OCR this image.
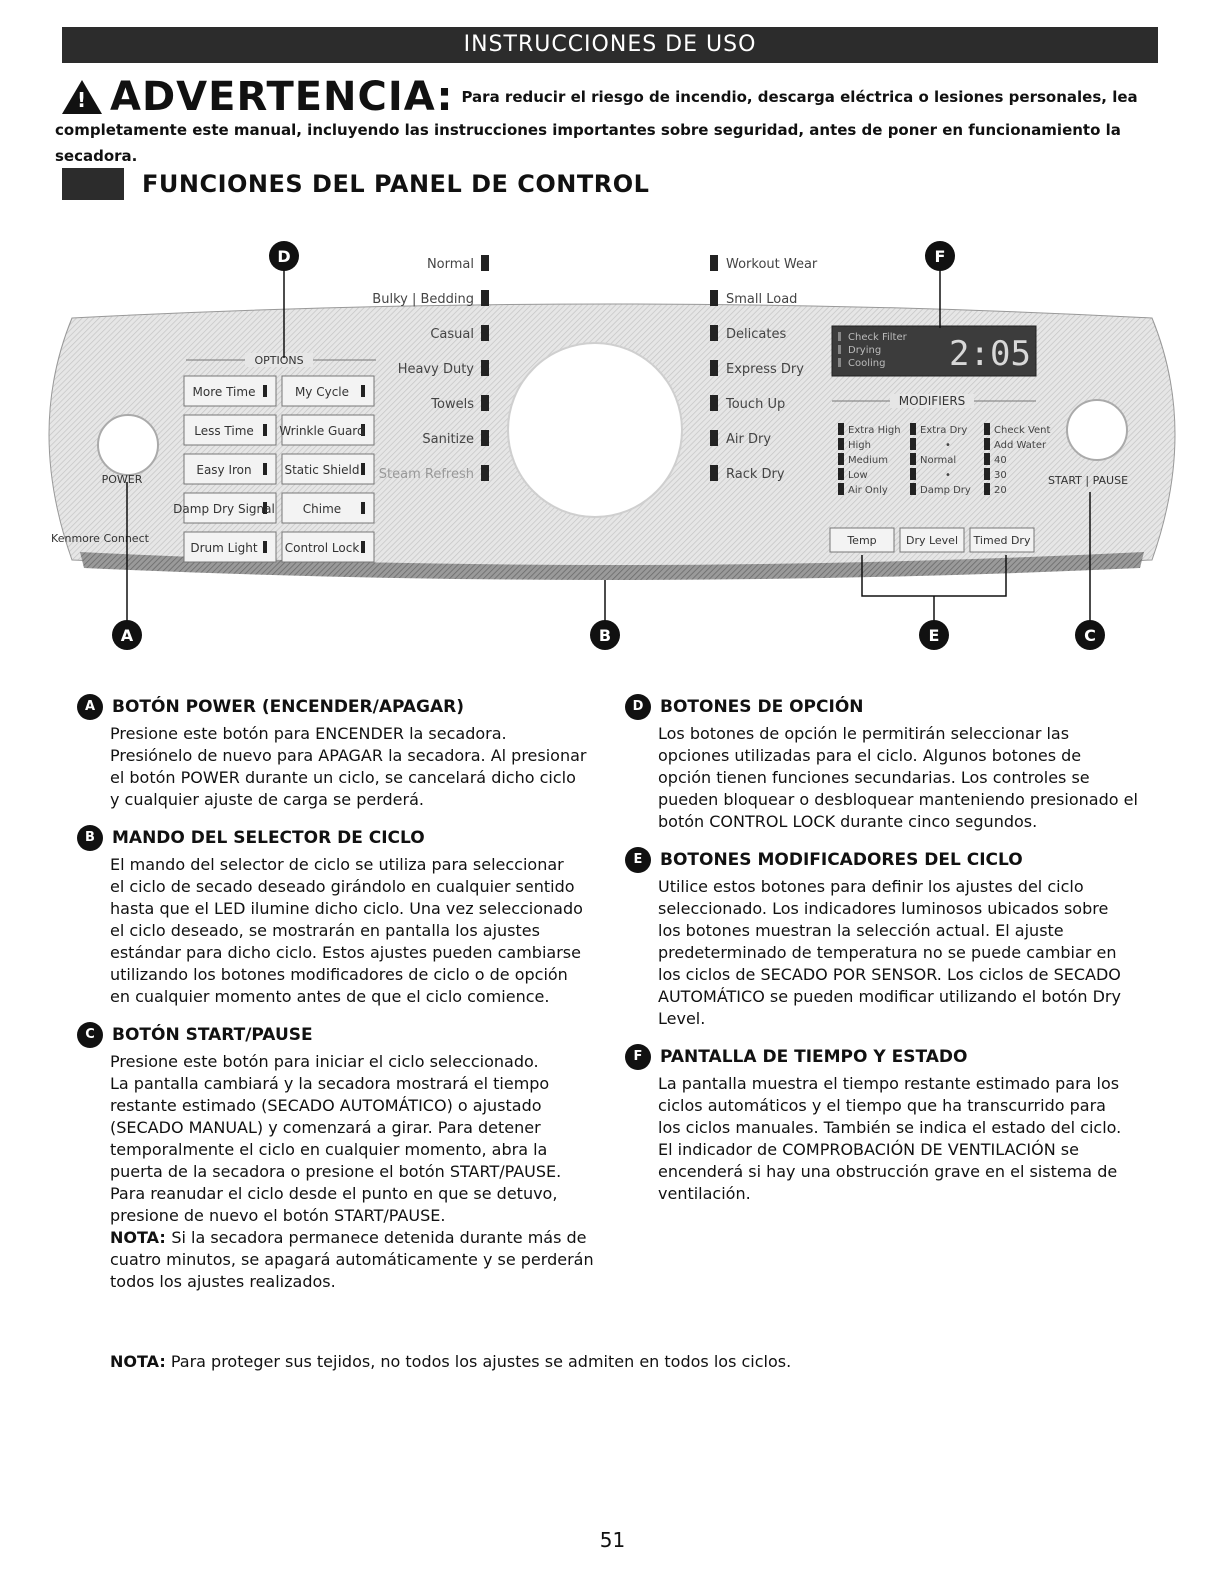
INSTRUCCIONES DE USO
! ADVERTENCIA: Para reducir el riesgo de incendio, descarga eléctrica o lesiones personales, lea
completamente este manual, incluyendo las instrucciones importantes sobre seguridad, antes de poner en funcionamiento la secadora.
FUNCIONES DEL PANEL DE CONTROL
POWER
Kenmore Connect
OPTIONS
More Time	My Cycle
Less Time Wrinkle Guard
Easy Iron	Static Shield
Damp Dry Signal Chime
Drum Light Control Lock
Normal
Bulky | Bedding
Casual
Heavy Duty
Towels
Sanitize
Steam Refresh
Workout Wear
Small Load
Delicates
Express Dry
Touch Up
Air Dry
Rack Dry
Check Filter
Drying
Cooling 2:05
MODIFIERS
Extra High
High
Medium
Low
Air Only
Extra Dry
•
Normal
•
Damp Dry
Check Vent
Add Water
40
30
20
Temp	Dry Level Timed Dry
START | PAUSE
A	B	C
D
E
F
A BOTÓN POWER (ENCENDER/APAGAR)

Presione este botón para ENCENDER la secadora.

Presiónelo de nuevo para APAGAR la secadora. Al presionar

el botón POWER durante un ciclo, se cancelará dicho ciclo

y cualquier ajuste de carga se perderá.

B	MANDO DEL SELECTOR DE CICLO

El mando del selector de ciclo se utiliza para seleccionar

el ciclo de secado deseado girándolo en cualquier sentido

hasta que el LED ilumine dicho ciclo. Una vez seleccionado

el ciclo deseado, se mostrarán en pantalla los ajustes

estándar para dicho ciclo. Estos ajustes pueden cambiarse

utilizando los botones modificadores de ciclo o de opción

en cualquier momento antes de que el ciclo comience.

C	BOTÓN START/PAUSE

Presione este botón para iniciar el ciclo seleccionado.

La pantalla cambiará y la secadora mostrará el tiempo

restante estimado (SECADO AUTOMÁTICO) o ajustado

(SECADO MANUAL) y comenzará a girar. Para detener

temporalmente el ciclo en cualquier momento, abra la

puerta de la secadora o presione el botón START/PAUSE.

Para reanudar el ciclo desde el punto en que se detuvo,

presione de nuevo el botón START/PAUSE.

NOTA: Si la secadora permanece detenida durante más de

cuatro minutos, se apagará automáticamente y se perderán

todos los ajustes realizados.

D BOTONES DE OPCIÓN

Los botones de opción le permitirán seleccionar las

opciones utilizadas para el ciclo. Algunos botones de

opción tienen funciones secundarias. Los controles se

pueden bloquear o desbloquear manteniendo presionado el

botón CONTROL LOCK durante cinco segundos.

E	BOTONES MODIFICADORES DEL CICLO

Utilice estos botones para definir los ajustes del ciclo

seleccionado. Los indicadores luminosos ubicados sobre

los botones muestran la selección actual. El ajuste

predeterminado de temperatura no se puede cambiar en

los ciclos de SECADO POR SENSOR. Los ciclos de SECADO

AUTOMÁTICO se pueden modificar utilizando el botón Dry

Level.

F	PANTALLA DE TIEMPO Y ESTADO

La pantalla muestra el tiempo restante estimado para los

ciclos automáticos y el tiempo que ha transcurrido para

los ciclos manuales. También se indica el estado del ciclo.

El indicador de COMPROBACIÓN DE VENTILACIÓN se

encenderá si hay una obstrucción grave en el sistema de

ventilación.

NOTA: Para proteger sus tejidos, no todos los ajustes se admiten en todos los ciclos.
51
